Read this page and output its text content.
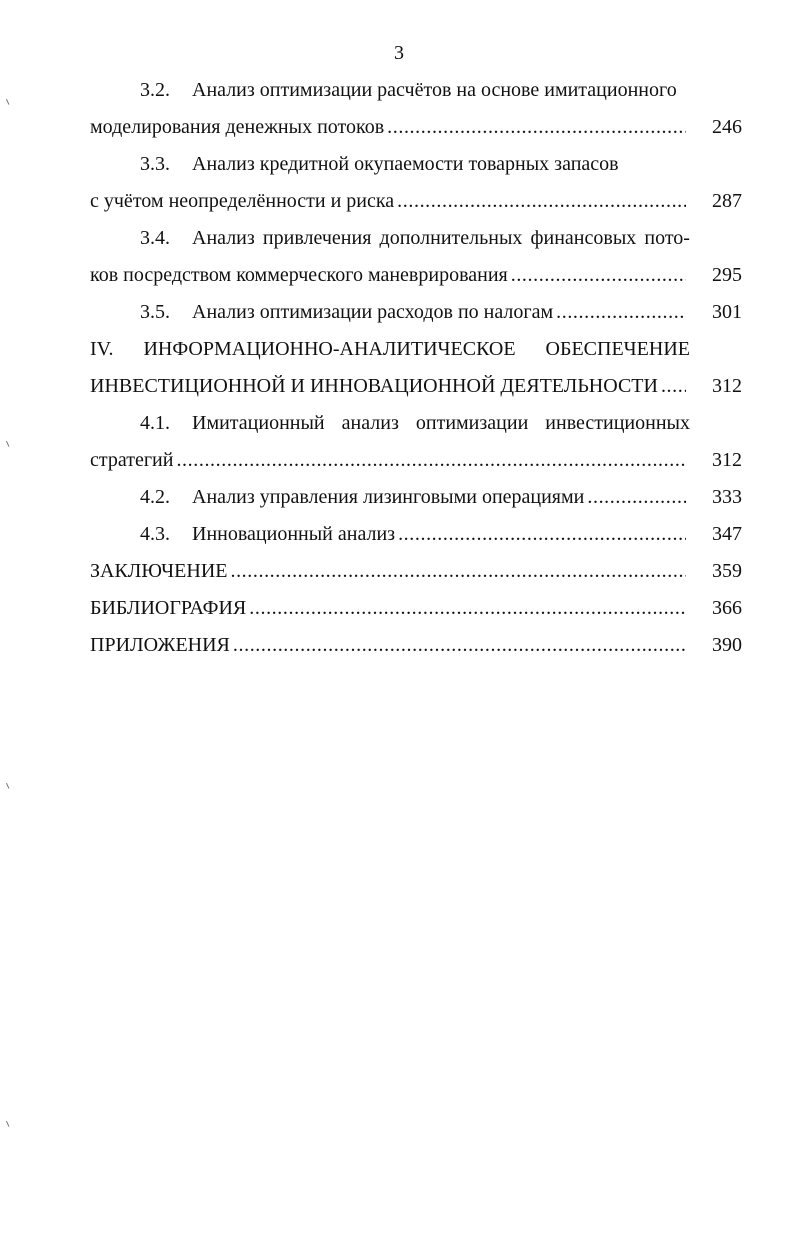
3
3.2. Анализ оптимизации расчётов на основе имитационного
моделирования денежных потоков . . .	246
3.3. Анализ кредитной окупаемости товарных запасов
с учётом неопределённости и риска . . .	287
3.4.	Анализ привлечения дополнительных финансовых пото-
ков посредством коммерческого маневрирования . . .	295
3.5. Анализ оптимизации расходов по налогам . . .	301
IV. ИНФОРМАЦИОННО-АНАЛИТИЧЕСКОЕ ОБЕСПЕЧЕНИЕ
ИНВЕСТИЦИОННОЙ И ИННОВАЦИОННОЙ ДЕЯТЕЛЬНОСТИ . . .	312
4.1.	Имитационный анализ оптимизации инвестиционных
стратегий . . .	312
4.2. Анализ управления лизинговыми операциями . . .	333
4.3. Инновационный анализ . . .	347
ЗАКЛЮЧЕНИЕ . . .	359
БИБЛИОГРАФИЯ . . .	366
ПРИЛОЖЕНИЯ . . .	390
